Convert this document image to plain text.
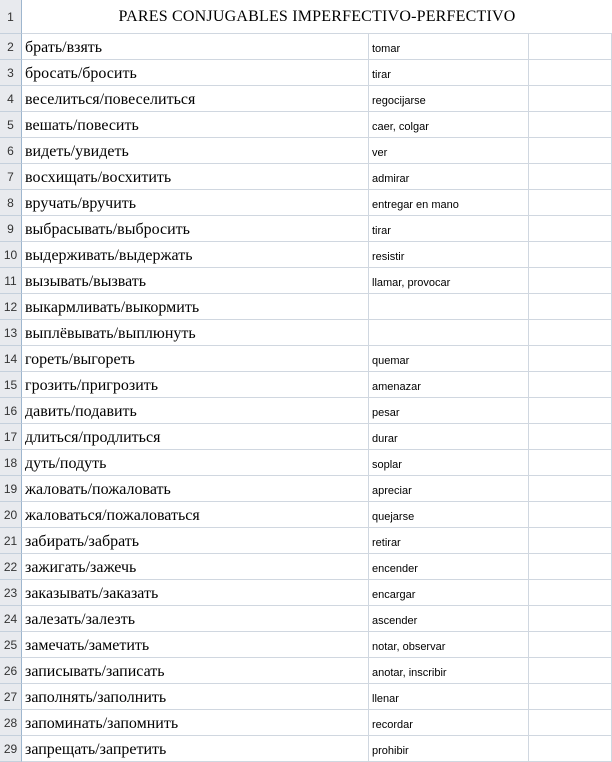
1	PARES CONJUGABLES IMPERFECTIVO-PERFECTIVO
2 брать/взять	tomar
3 бросать/бросить	tirar
4 веселиться/повеселиться	regocijarse
5 вешать/повесить	caer, colgar
6 видеть/увидеть	ver
7 восхищать/восхитить	admirar
8 вручать/вручить	entregar en mano
9 выбрасывать/выбросить	tirar
10 выдерживать/выдержать	resistir
11 вызывать/вызвать	llamar, provocar
12 выкармливать/выкормить
13 выплёвывать/выплюнуть
14 гореть/выгореть	quemar
15 грозить/пригрозить	amenazar
16 давить/подавить	pesar
17 длиться/продлиться	durar
18 дуть/подуть	soplar
19 жаловать/пожаловать	apreciar
20 жаловаться/пожаловаться	quejarse
21 забирать/забрать	retirar
22 зажигать/зажечь	encender
23 заказывать/заказать	encargar
24 залезать/залезть	ascender
25 замечать/заметить	notar, observar
26 записывать/записать	anotar, inscribir
27 заполнять/заполнить	llenar
28 запоминать/запомнить	recordar
29 запрещать/запретить	prohibir
